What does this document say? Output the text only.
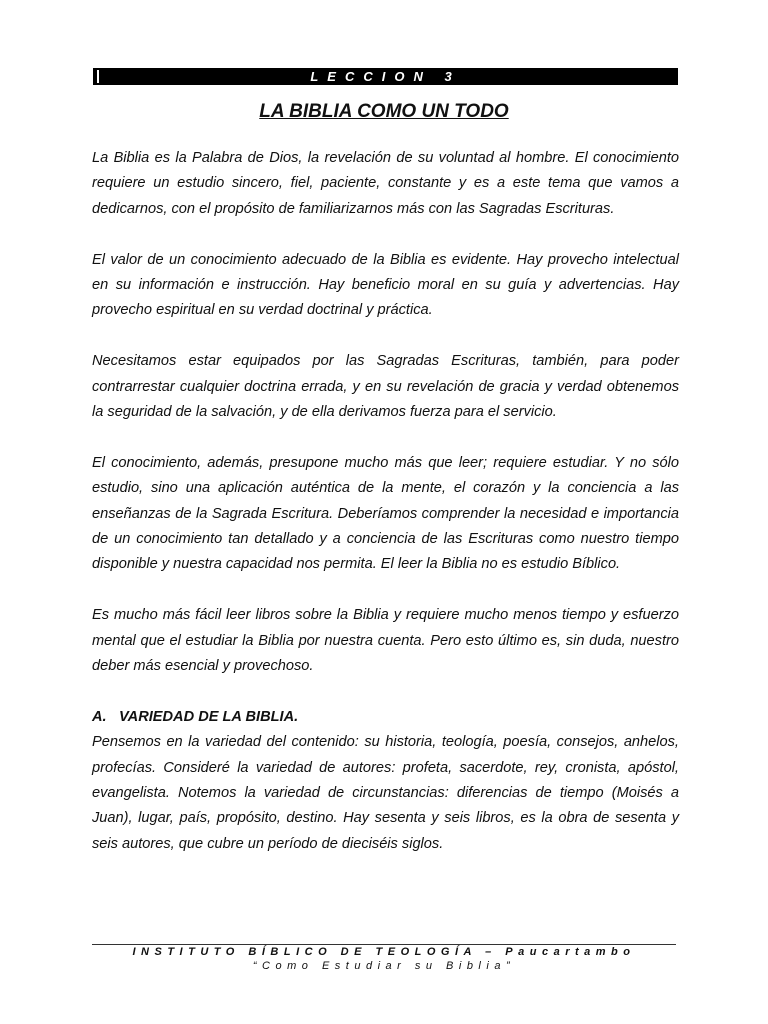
LECCION 3
LA BIBLIA COMO UN TODO

La Biblia es la Palabra de Dios, la revelación de su voluntad al hombre. El conocimiento requiere un estudio sincero, fiel, paciente, constante y es a este tema que vamos a dedicarnos, con el propósito de familiarizarnos más con las Sagradas Escrituras.

El valor de un conocimiento adecuado de la Biblia es evidente. Hay provecho intelectual en su información e instrucción. Hay beneficio moral en su guía y advertencias. Hay provecho espiritual en su verdad doctrinal y práctica.

Necesitamos estar equipados por las Sagradas Escrituras, también, para poder contrarrestar cualquier doctrina errada, y en su revelación de gracia y verdad obtenemos la seguridad de la salvación, y de ella derivamos fuerza para el servicio.

El conocimiento, además, presupone mucho más que leer; requiere estudiar. Y no sólo estudio, sino una aplicación auténtica de la mente, el corazón y la conciencia a las enseñanzas de la Sagrada Escritura. Deberíamos comprender la necesidad e importancia de un conocimiento tan detallado y a conciencia de las Escrituras como nuestro tiempo disponible y nuestra capacidad nos permita. El leer la Biblia no es estudio Bíblico.

Es mucho más fácil leer libros sobre la Biblia y requiere mucho menos tiempo y esfuerzo mental que el estudiar la Biblia por nuestra cuenta. Pero esto último es, sin duda, nuestro deber más esencial y provechoso.

A. VARIEDAD DE LA BIBLIA.

Pensemos en la variedad del contenido: su historia, teología, poesía, consejos, anhelos, profecías. Consideré la variedad de autores: profeta, sacerdote, rey, cronista, apóstol, evangelista. Notemos la variedad de circunstancias: diferencias de tiempo (Moisés a Juan), lugar, país, propósito, destino. Hay sesenta y seis libros, es la obra de sesenta y seis autores, que cubre un período de dieciséis siglos.

INSTITUTO BÍBLICO DE TEOLOGÍA – Paucartambo
“Como Estudiar su Biblia”
